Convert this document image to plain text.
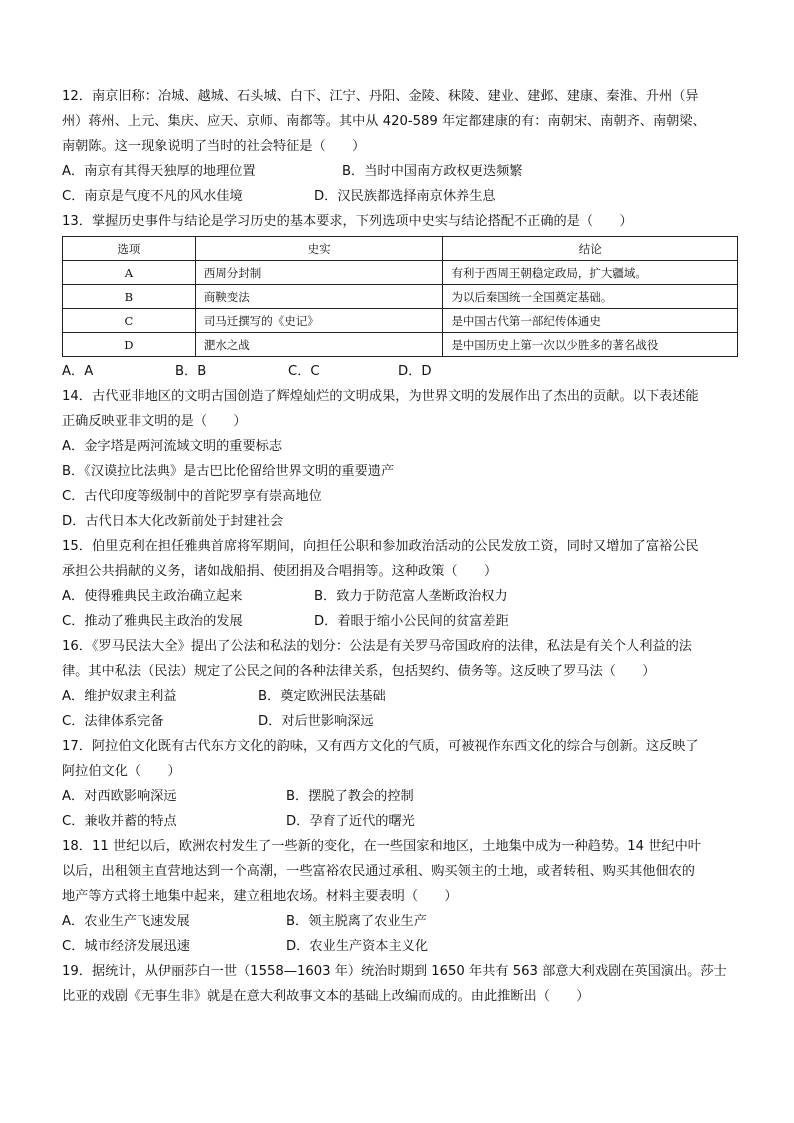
12．南京旧称：冶城、越城、石头城、白下、江宁、丹阳、金陵、秣陵、建业、建邺、建康、秦淮、升州（异
州）蒋州、上元、集庆、应天、京师、南都等。其中从 420-589 年定都建康的有：南朝宋、南朝齐、南朝梁、
南朝陈。这一现象说明了当时的社会特征是（　　）
A．南京有其得天独厚的地理位置	B．当时中国南方政权更迭频繁
C．南京是气度不凡的风水佳境	D．汉民族都选择南京休养生息
13．掌握历史事件与结论是学习历史的基本要求，下列选项中史实与结论搭配不正确的是（　　）
选项	史实	结论
A	西周分封制	有利于西周王朝稳定政局，扩大疆域。
B	商鞅变法	为以后秦国统一全国奠定基础。
C	司马迁撰写的《史记》	是中国古代第一部纪传体通史
D	淝水之战	是中国历史上第一次以少胜多的著名战役
A．A	B．B	C．C	D．D
14．古代亚非地区的文明古国创造了辉煌灿烂的文明成果，为世界文明的发展作出了杰出的贡献。以下表述能
正确反映亚非文明的是（　　）
A．金字塔是两河流域文明的重要标志
B．《汉谟拉比法典》是古巴比伦留给世界文明的重要遗产
C．古代印度等级制中的首陀罗享有崇高地位
D．古代日本大化改新前处于封建社会
15．伯里克利在担任雅典首席将军期间，向担任公职和参加政治活动的公民发放工资，同时又增加了富裕公民
承担公共捐献的义务，诸如战船捐、使团捐及合唱捐等。这种政策（　　）
A．使得雅典民主政治确立起来	B．致力于防范富人垄断政治权力
C．推动了雅典民主政治的发展	D．着眼于缩小公民间的贫富差距
16．《罗马民法大全》提出了公法和私法的划分：公法是有关罗马帝国政府的法律，私法是有关个人利益的法
律。其中私法（民法）规定了公民之间的各种法律关系，包括契约、债务等。这反映了罗马法（　　）
A．维护奴隶主利益	B．奠定欧洲民法基础
C．法律体系完备	D．对后世影响深远
17．阿拉伯文化既有古代东方文化的韵味，又有西方文化的气质，可被视作东西文化的综合与创新。这反映了
阿拉伯文化（　　）
A．对西欧影响深远	B．摆脱了教会的控制
C．兼收并蓄的特点	D．孕育了近代的曙光
18．11 世纪以后，欧洲农村发生了一些新的变化，在一些国家和地区，土地集中成为一种趋势。14 世纪中叶
以后，出租领主直营地达到一个高潮，一些富裕农民通过承租、购买领主的土地，或者转租、购买其他佃农的
地产等方式将土地集中起来，建立租地农场。材料主要表明（　　）
A．农业生产飞速发展	B．领主脱离了农业生产
C．城市经济发展迅速	D．农业生产资本主义化
19．据统计，从伊丽莎白一世（1558—1603 年）统治时期到 1650 年共有 563 部意大利戏剧在英国演出。莎士
比亚的戏剧《无事生非》就是在意大利故事文本的基础上改编而成的。由此推断出（　　）
